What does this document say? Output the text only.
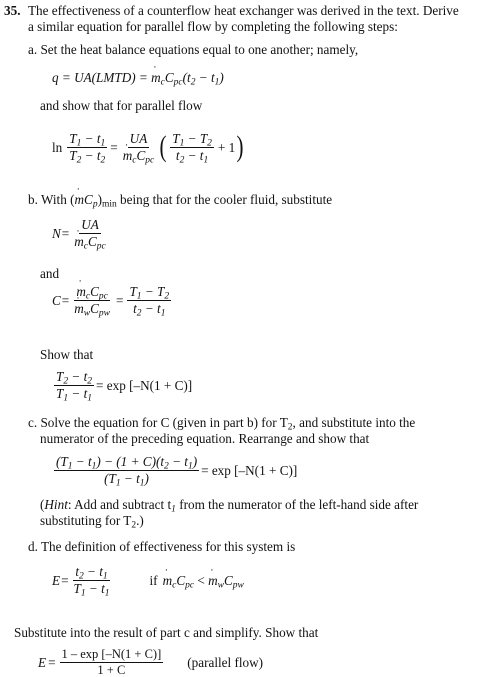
35. The effectiveness of a counterflow heat exchanger was derived in the text. Derive
a similar equation for parallel flow by completing the following steps:
a. Set the heat balance equations equal to one another; namely,
q = UA(LMTD) = m $˙_cC_{pc}(t_2 - t_1)$
and show that for parallel flow
$\ln \frac{T_1 - t_1}{T_2 - t_2} = \frac{UA}{m ˙_cC_{pc}}$ ( $\frac{T_1 - T_2}{t_2 - t_1} + 1$ )
b. With (m $˙C_p)_{min}$ being that for the cooler fluid, substitute
$N = \frac{UA}{m ˙_cC_{pc}}$
and
$C = \frac{m ˙_cC_{pc}}{m ˙_wC_{pw}} = \frac{T_1 - T_2}{t_2 - t_1}$
Show that
$\frac{T_2 - t_2}{T_1 - t_1} = \exp [-N(1 + C)]$
c. Solve the equation for C (given in part b) for $T_2$, and substitute into the
numerator of the preceding equation. Rearrange and show that
$\frac{(T_1 - t_1) - (1 + C)(t_2 - t_1)}{(T_1 - t_1)} = \exp [-N(1 + C)]$
(Hint: Add and subtract $t_1$ from the numerator of the left-hand side after
substituting for $T_2$.)
d. The definition of effectiveness for this system is
$E = \frac{t_2 - t_1}{T_1 - t_1}$	if m $˙_cC_{pc} < m$ $˙_wC_{pw}$
Substitute into the result of part c and simplify. Show that
$E = \frac{1 - \exp [-N(1 + C)]}{1 + C}$ (parallel flow)
